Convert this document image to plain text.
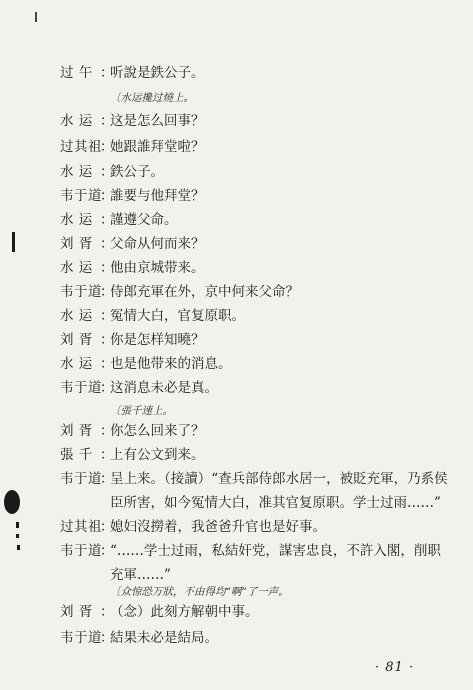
过 午 ：听說是鉄公子。
〔水运攙过燒上。
水 运 ：这是怎么回事？
过其祖：她跟誰拜堂啦？
水 运 ：鉄公子。
韦于道：誰要与他拜堂？
水 运 ：謹遵父命。
刘 胥 ：父命从何而来？
水 运 ：他由京城带来。
韦于道：侍郎充軍在外，京中何来父命？
水 运 ：冤情大白，官复原职。
刘 胥 ：你是怎样知曉？
水 运 ：也是他带来的消息。
韦于道：这消息未必是真。
〔張千速上。
刘 胥 ：你怎么回来了？
張 千 ：上有公文到来。
韦于道：呈上来。（接讀）“查兵部侍郎水居一，被貶充軍，乃系侯
臣所害，如今冤情大白，准其官复原职。学士过雨……”
过其祖：媳妇沒撈着，我爸爸升官也是好事。
韦于道：“……学士过雨，私結奸党，謀害忠良，不許入閣，削职
充軍……”
〔众惊恐万狀，不由得均“啊”了一声。
刘 胥 ：（念）此刻方解朝中事。
韦于道：結果未必是結局。
· 81 ·
